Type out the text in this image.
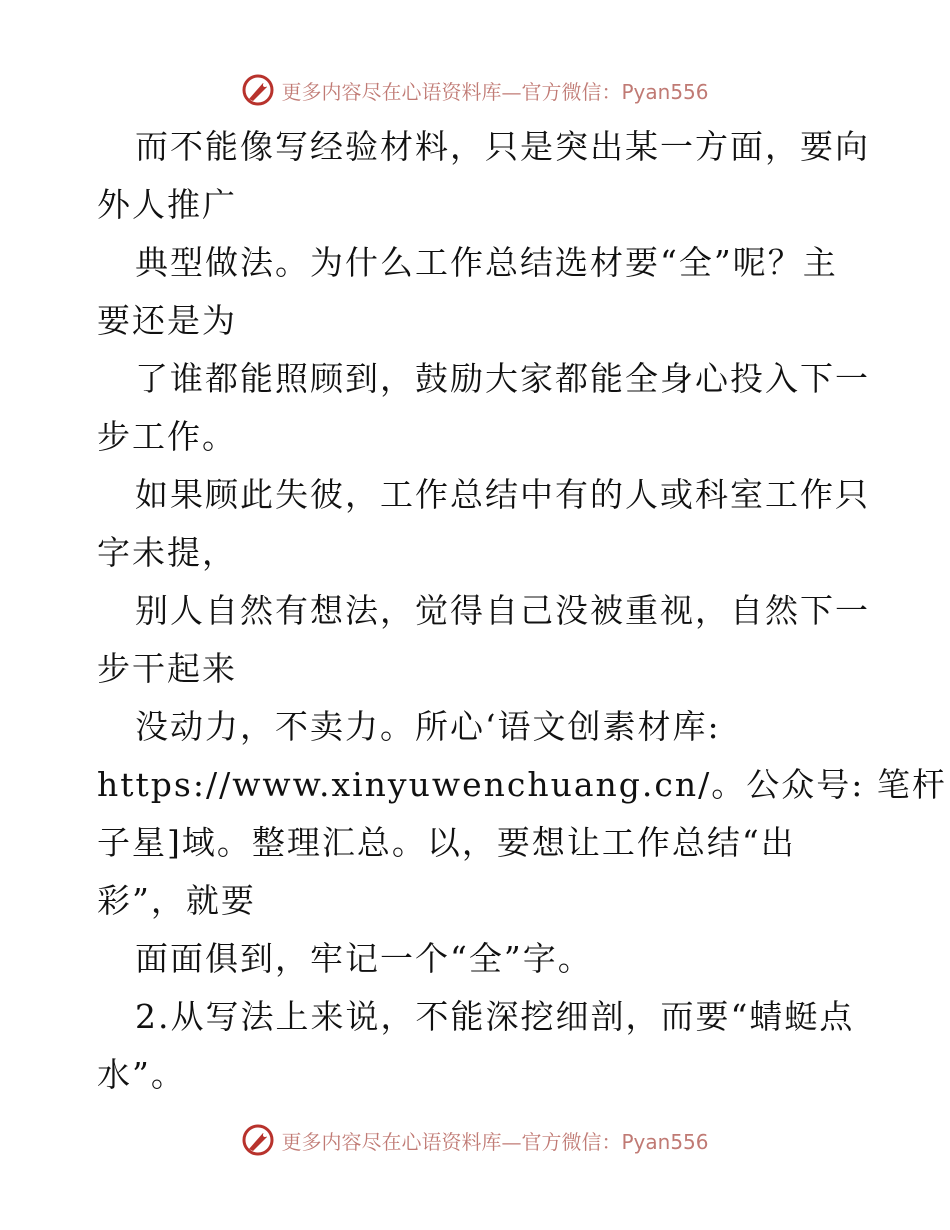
更多内容尽在心语资料库—官方微信：Pyan556
而不能像写经验材料，只是突出某一方面，要向
外人推广
典型做法。为什么工作总结选材要“全”呢？主
要还是为
了谁都能照顾到，鼓励大家都能全身心投入下一
步工作。
如果顾此失彼，工作总结中有的人或科室工作只
字未提，
别人自然有想法，觉得自己没被重视，自然下一
步干起来
没动力，不卖力。所心‘语文创素材库:
https://www.xinyuwenchuang.cn/。公众号: 笔杆
子星]域。整理汇总。以，要想让工作总结“出
彩”，就要
面面俱到，牢记一个“全”字。
2.从写法上来说，不能深挖细剖，而要“蜻蜓点
水”。
更多内容尽在心语资料库—官方微信：Pyan556
